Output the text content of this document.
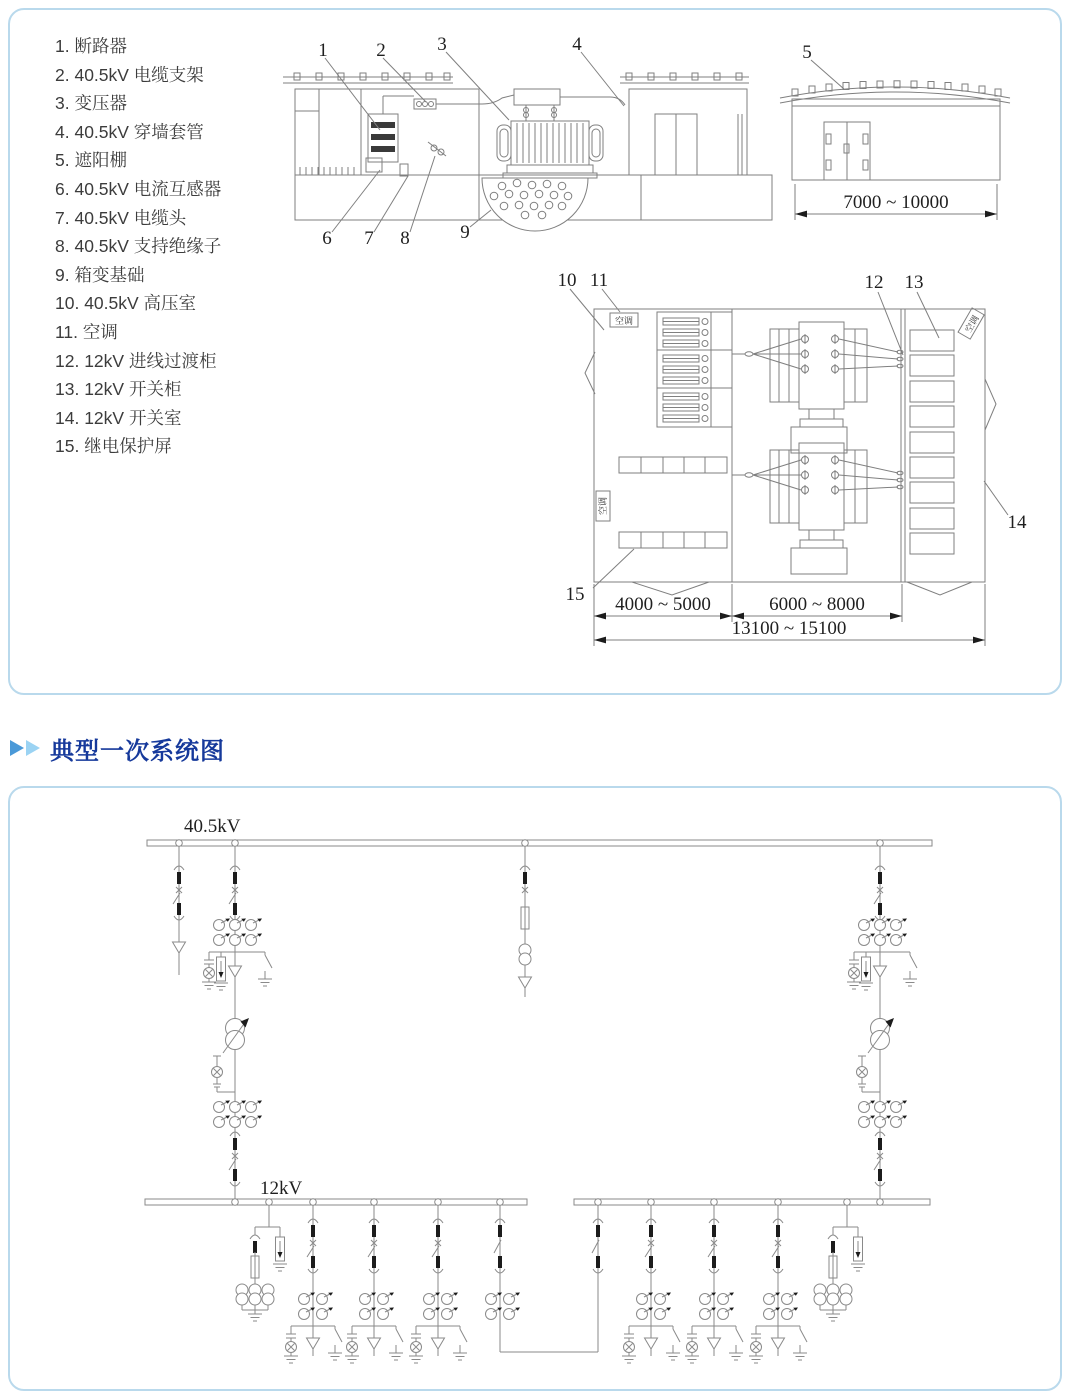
1. 断路器
2. 40.5kV 电缆支架
3. 变压器
4. 40.5kV 穿墙套管
5. 遮阳棚
6. 40.5kV 电流互感器
7. 40.5kV 电缆头
8. 40.5kV 支持绝缘子
9. 箱变基础
10. 40.5kV 高压室
11. 空调
12. 12kV 进线过渡柜
13. 12kV 开关柜
14. 12kV 开关室
15. 继电保护屏
1	2	3	4
6 7 8	9
5
7000 ~ 10000
空调	空调
空调
10 11	12 13
14
15 4000 ~ 5000	6000 ~ 8000
13100 ~ 15100
典型一次系统图
40.5kV
12kV
